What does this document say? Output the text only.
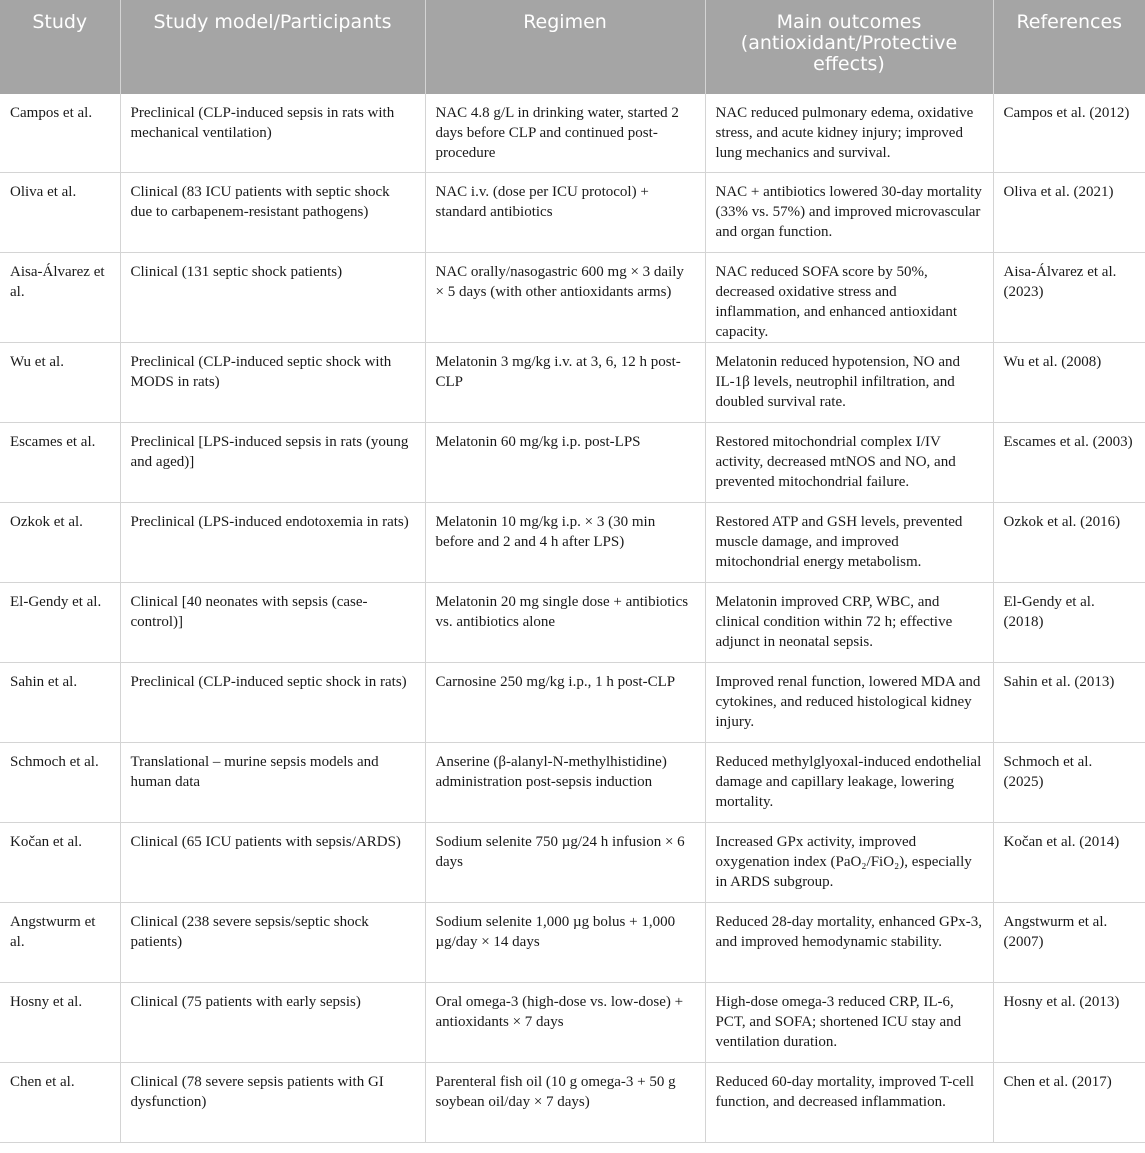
Study	Study model/Participants	Regimen	Main outcomes (antioxidant/Protective effects)	References
Campos et al.	Preclinical (CLP-induced sepsis in rats with mechanical ventilation)	NAC 4.8 g/L in drinking water, started 2 days before CLP and continued post-procedure	NAC reduced pulmonary edema, oxidative stress, and acute kidney injury; improved lung mechanics and survival.	Campos et al. (2012)
Oliva et al.	Clinical (83 ICU patients with septic shock due to carbapenem-resistant pathogens)	NAC i.v. (dose per ICU protocol) + standard antibiotics	NAC + antibiotics lowered 30-day mortality (33% vs. 57%) and improved microvascular and organ function.	Oliva et al. (2021)
Aisa-Álvarez et al.	Clinical (131 septic shock patients)	NAC orally/nasogastric 600 mg × 3 daily × 5 days (with other antioxidants arms)	NAC reduced SOFA score by 50%, decreased oxidative stress and inflammation, and enhanced antioxidant capacity.	Aisa-Álvarez et al. (2023)
Wu et al.	Preclinical (CLP-induced septic shock with MODS in rats)	Melatonin 3 mg/kg i.v. at 3, 6, 12 h post-CLP	Melatonin reduced hypotension, NO and IL-1β levels, neutrophil infiltration, and doubled survival rate.	Wu et al. (2008)
Escames et al.	Preclinical [LPS-induced sepsis in rats (young and aged)]	Melatonin 60 mg/kg i.p. post-LPS	Restored mitochondrial complex I/IV activity, decreased mtNOS and NO, and prevented mitochondrial failure.	Escames et al. (2003)
Ozkok et al.	Preclinical (LPS-induced endotoxemia in rats)	Melatonin 10 mg/kg i.p. × 3 (30 min before and 2 and 4 h after LPS)	Restored ATP and GSH levels, prevented muscle damage, and improved mitochondrial energy metabolism.	Ozkok et al. (2016)
El-Gendy et al.	Clinical [40 neonates with sepsis (case-control)]	Melatonin 20 mg single dose + antibiotics vs. antibiotics alone	Melatonin improved CRP, WBC, and clinical condition within 72 h; effective adjunct in neonatal sepsis.	El-Gendy et al. (2018)
Sahin et al.	Preclinical (CLP-induced septic shock in rats)	Carnosine 250 mg/kg i.p., 1 h post-CLP	Improved renal function, lowered MDA and cytokines, and reduced histological kidney injury.	Sahin et al. (2013)
Schmoch et al.	Translational – murine sepsis models and human data	Anserine (β-alanyl-N-methylhistidine) administration post-sepsis induction	Reduced methylglyoxal-induced endothelial damage and capillary leakage, lowering mortality.	Schmoch et al. (2025)
Kočan et al.	Clinical (65 ICU patients with sepsis/ARDS)	Sodium selenite 750 µg/24 h infusion × 6 days	Increased GPx activity, improved oxygenation index (PaO₂/FiO₂), especially in ARDS subgroup.	Kočan et al. (2014)
Angstwurm et al.	Clinical (238 severe sepsis/septic shock patients)	Sodium selenite 1,000 µg bolus + 1,000 µg/day × 14 days	Reduced 28-day mortality, enhanced GPx-3, and improved hemodynamic stability.	Angstwurm et al. (2007)
Hosny et al.	Clinical (75 patients with early sepsis)	Oral omega-3 (high-dose vs. low-dose) + antioxidants × 7 days	High-dose omega-3 reduced CRP, IL-6, PCT, and SOFA; shortened ICU stay and ventilation duration.	Hosny et al. (2013)
Chen et al.	Clinical (78 severe sepsis patients with GI dysfunction)	Parenteral fish oil (10 g omega-3 + 50 g soybean oil/day × 7 days)	Reduced 60-day mortality, improved T-cell function, and decreased inflammation.	Chen et al. (2017)
